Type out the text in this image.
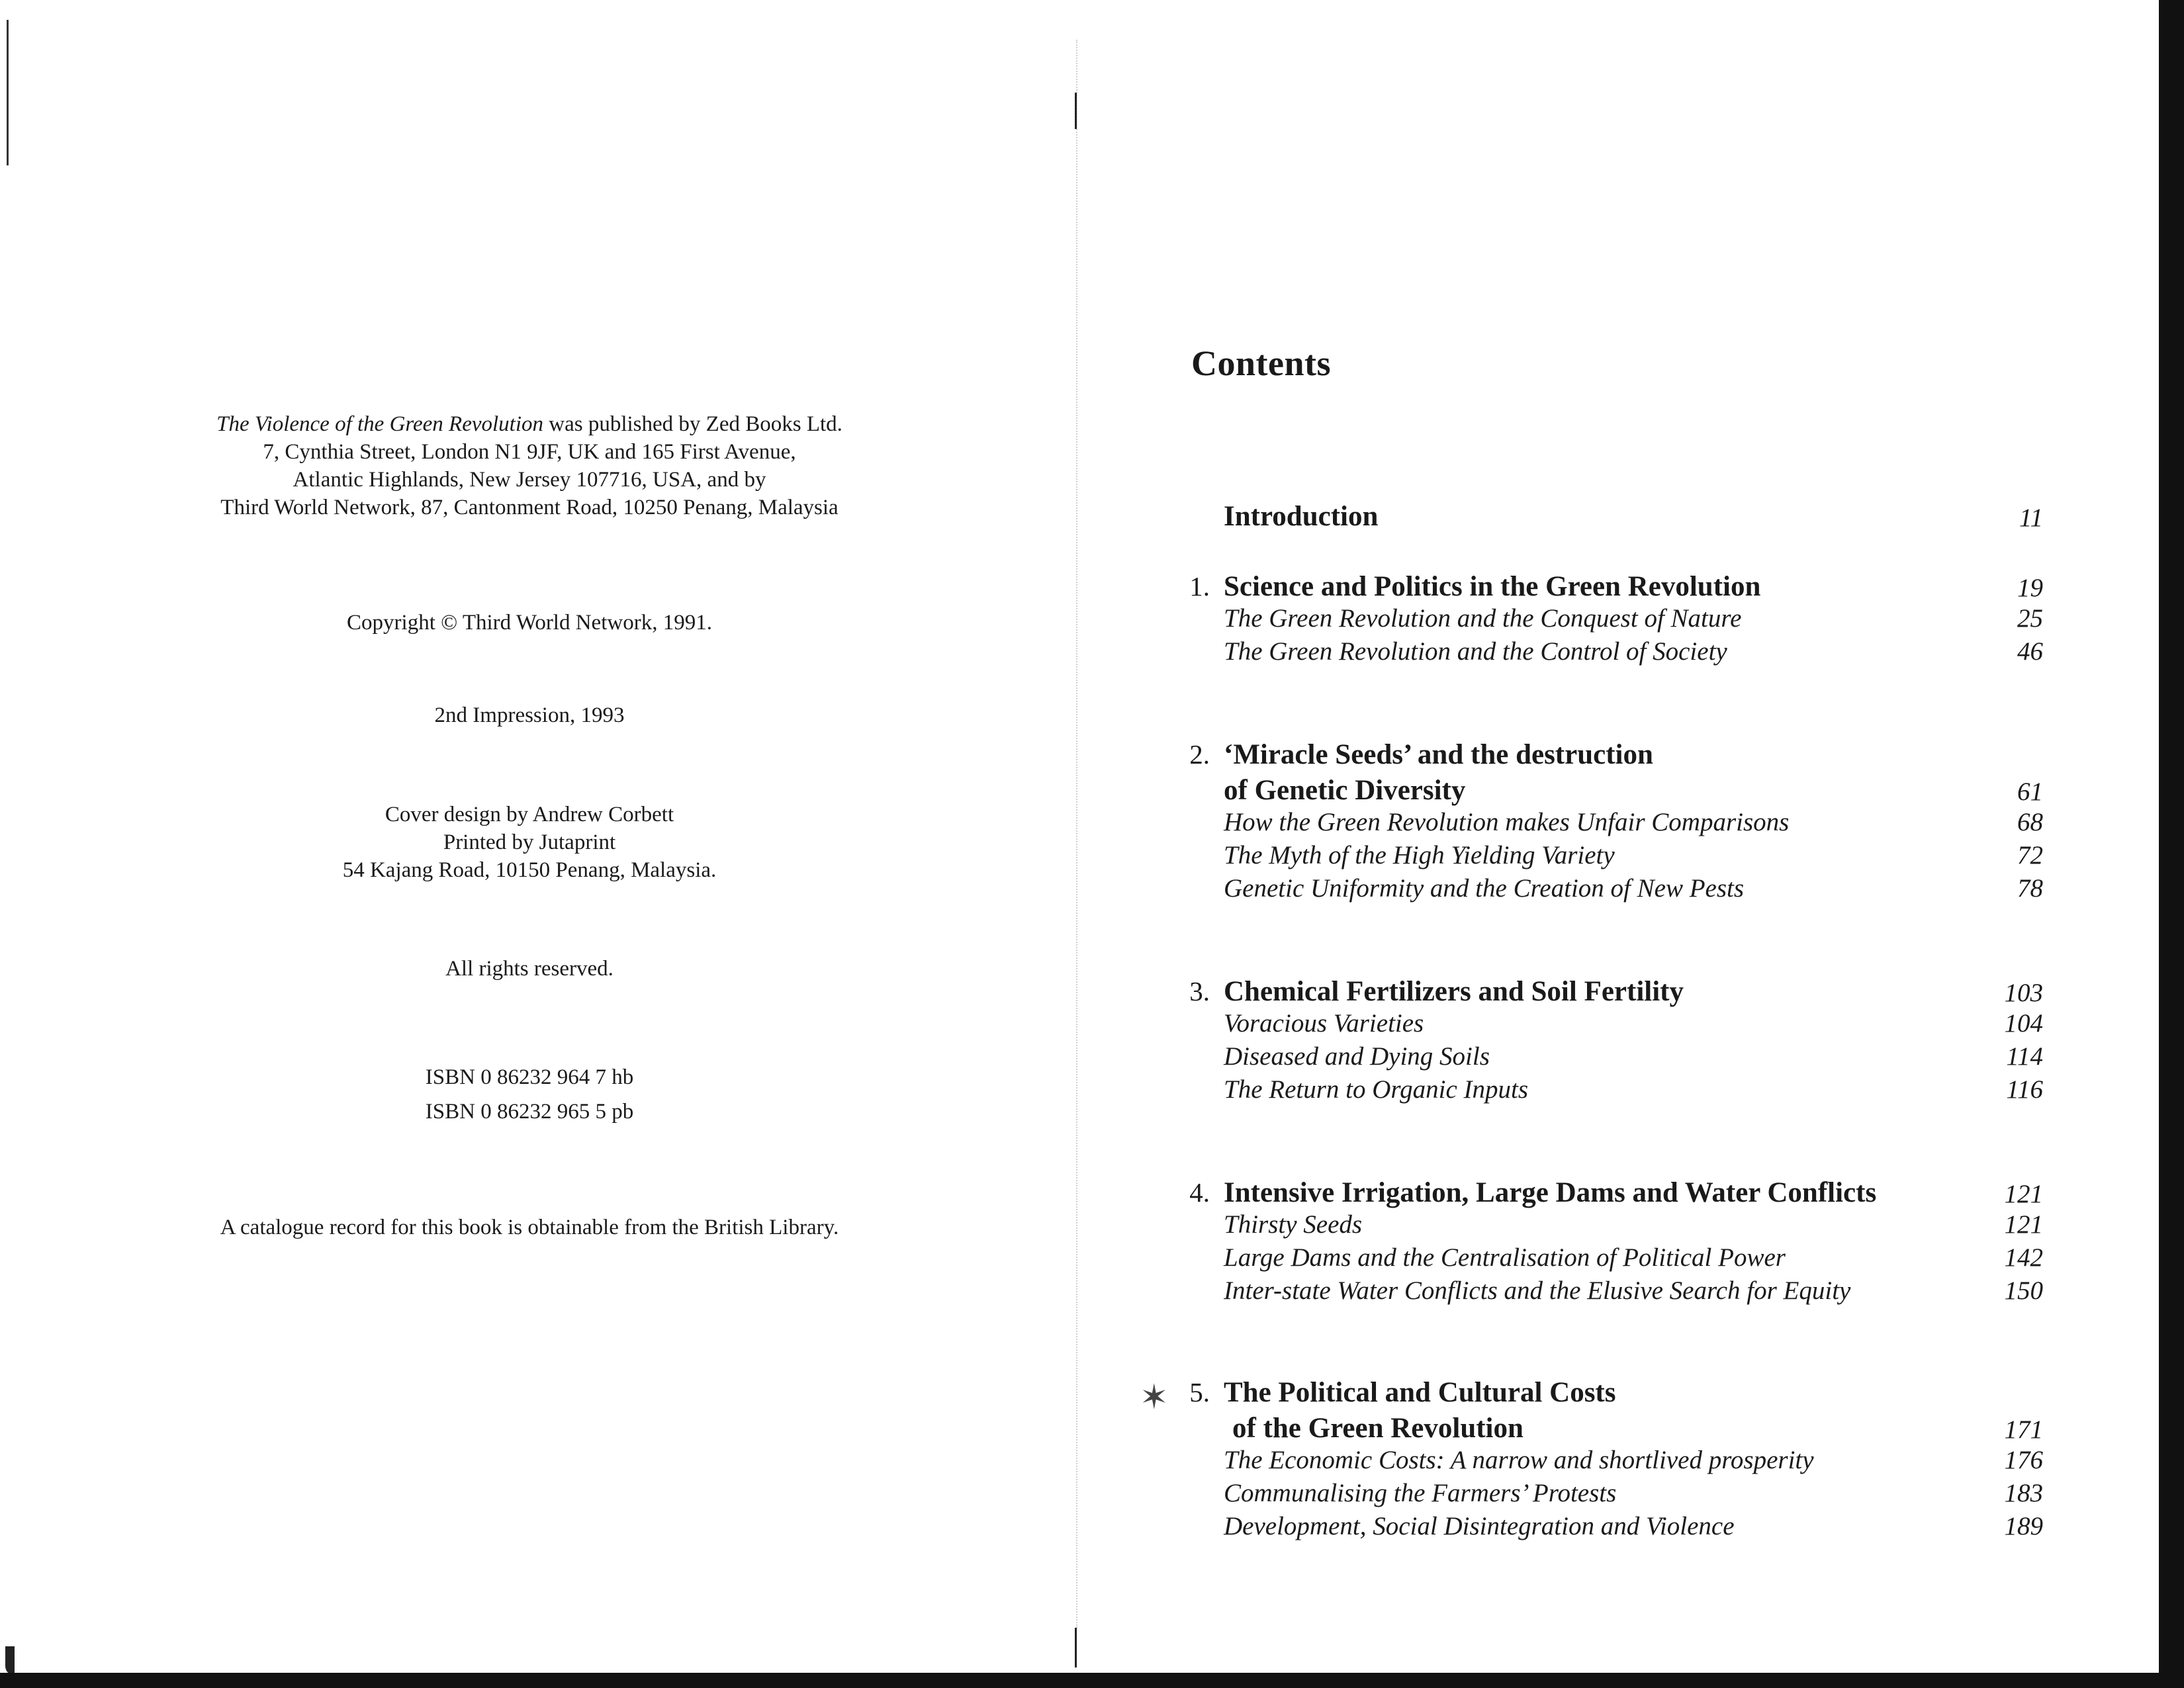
The Violence of the Green Revolution was published by Zed Books Ltd.
7, Cynthia Street, London N1 9JF, UK and 165 First Avenue,
Atlantic Highlands, New Jersey 107716, USA, and by
Third World Network, 87, Cantonment Road, 10250 Penang, Malaysia
Copyright © Third World Network, 1991.
2nd Impression, 1993
Cover design by Andrew Corbett
Printed by Jutaprint
54 Kajang Road, 10150 Penang, Malaysia.
All rights reserved.
ISBN 0 86232 964 7 hb
ISBN 0 86232 965 5 pb
A catalogue record for this book is obtainable from the British Library.
Contents
Introduction	11
1. Science and Politics in the Green Revolution	19
The Green Revolution and the Conquest of Nature	25
The Green Revolution and the Control of Society	46
2. ‘Miracle Seeds’ and the destruction
of Genetic Diversity	61
How the Green Revolution makes Unfair Comparisons	68
The Myth of the High Yielding Variety	72
Genetic Uniformity and the Creation of New Pests	78
3. Chemical Fertilizers and Soil Fertility	103
Voracious Varieties	104
Diseased and Dying Soils	114
The Return to Organic Inputs	116
4. Intensive Irrigation, Large Dams and Water Conflicts	121
Thirsty Seeds	121
Large Dams and the Centralisation of Political Power	142
Inter-state Water Conflicts and the Elusive Search for Equity	150
✶ 5. The Political and Cultural Costs
of the Green Revolution	171
The Economic Costs: A narrow and shortlived prosperity	176
Communalising the Farmers’ Protests	183
Development, Social Disintegration and Violence	189
